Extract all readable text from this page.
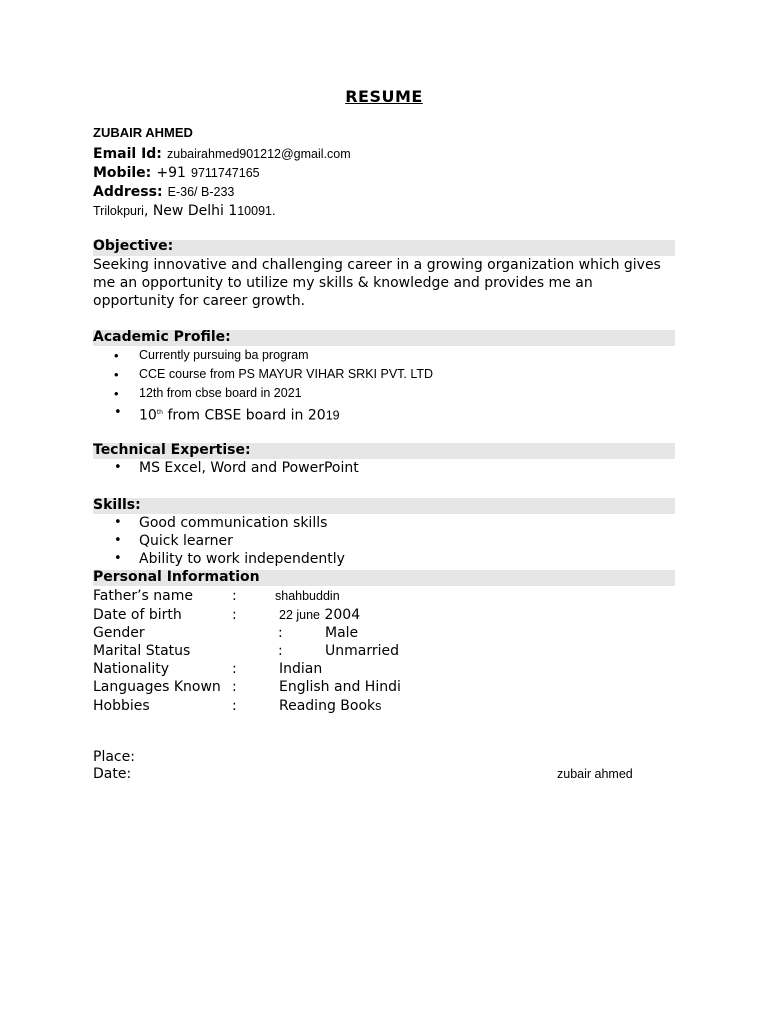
RESUME
ZUBAIR AHMED
Email Id: zubairahmed901212@gmail.com
Mobile: +91 9711747165
Address: E-36/ B-233
Trilokpuri, New Delhi 110091.
Objective:
Seeking innovative and challenging career in a growing organization which gives me an opportunity to utilize my skills & knowledge and provides me an opportunity for career growth.
Academic Profile:
• Currently pursuing ba program
• CCE course from PS MAYUR VIHAR SRKI PVT. LTD
• 12th from cbse board in 2021
• 10th from CBSE board in 2019
Technical Expertise:
• MS Excel, Word and PowerPoint
Skills:
• Good communication skills
• Quick learner
• Ability to work independently
Personal Information
Father’s name	:	shahbuddin
Date of birth	:	22 june 2004
Gender	:	Male
Marital Status	:	Unmarried
Nationality	:	Indian
Languages Known :	English and Hindi
Hobbies	:	Reading Books
Place:
Date:	zubair ahmed
